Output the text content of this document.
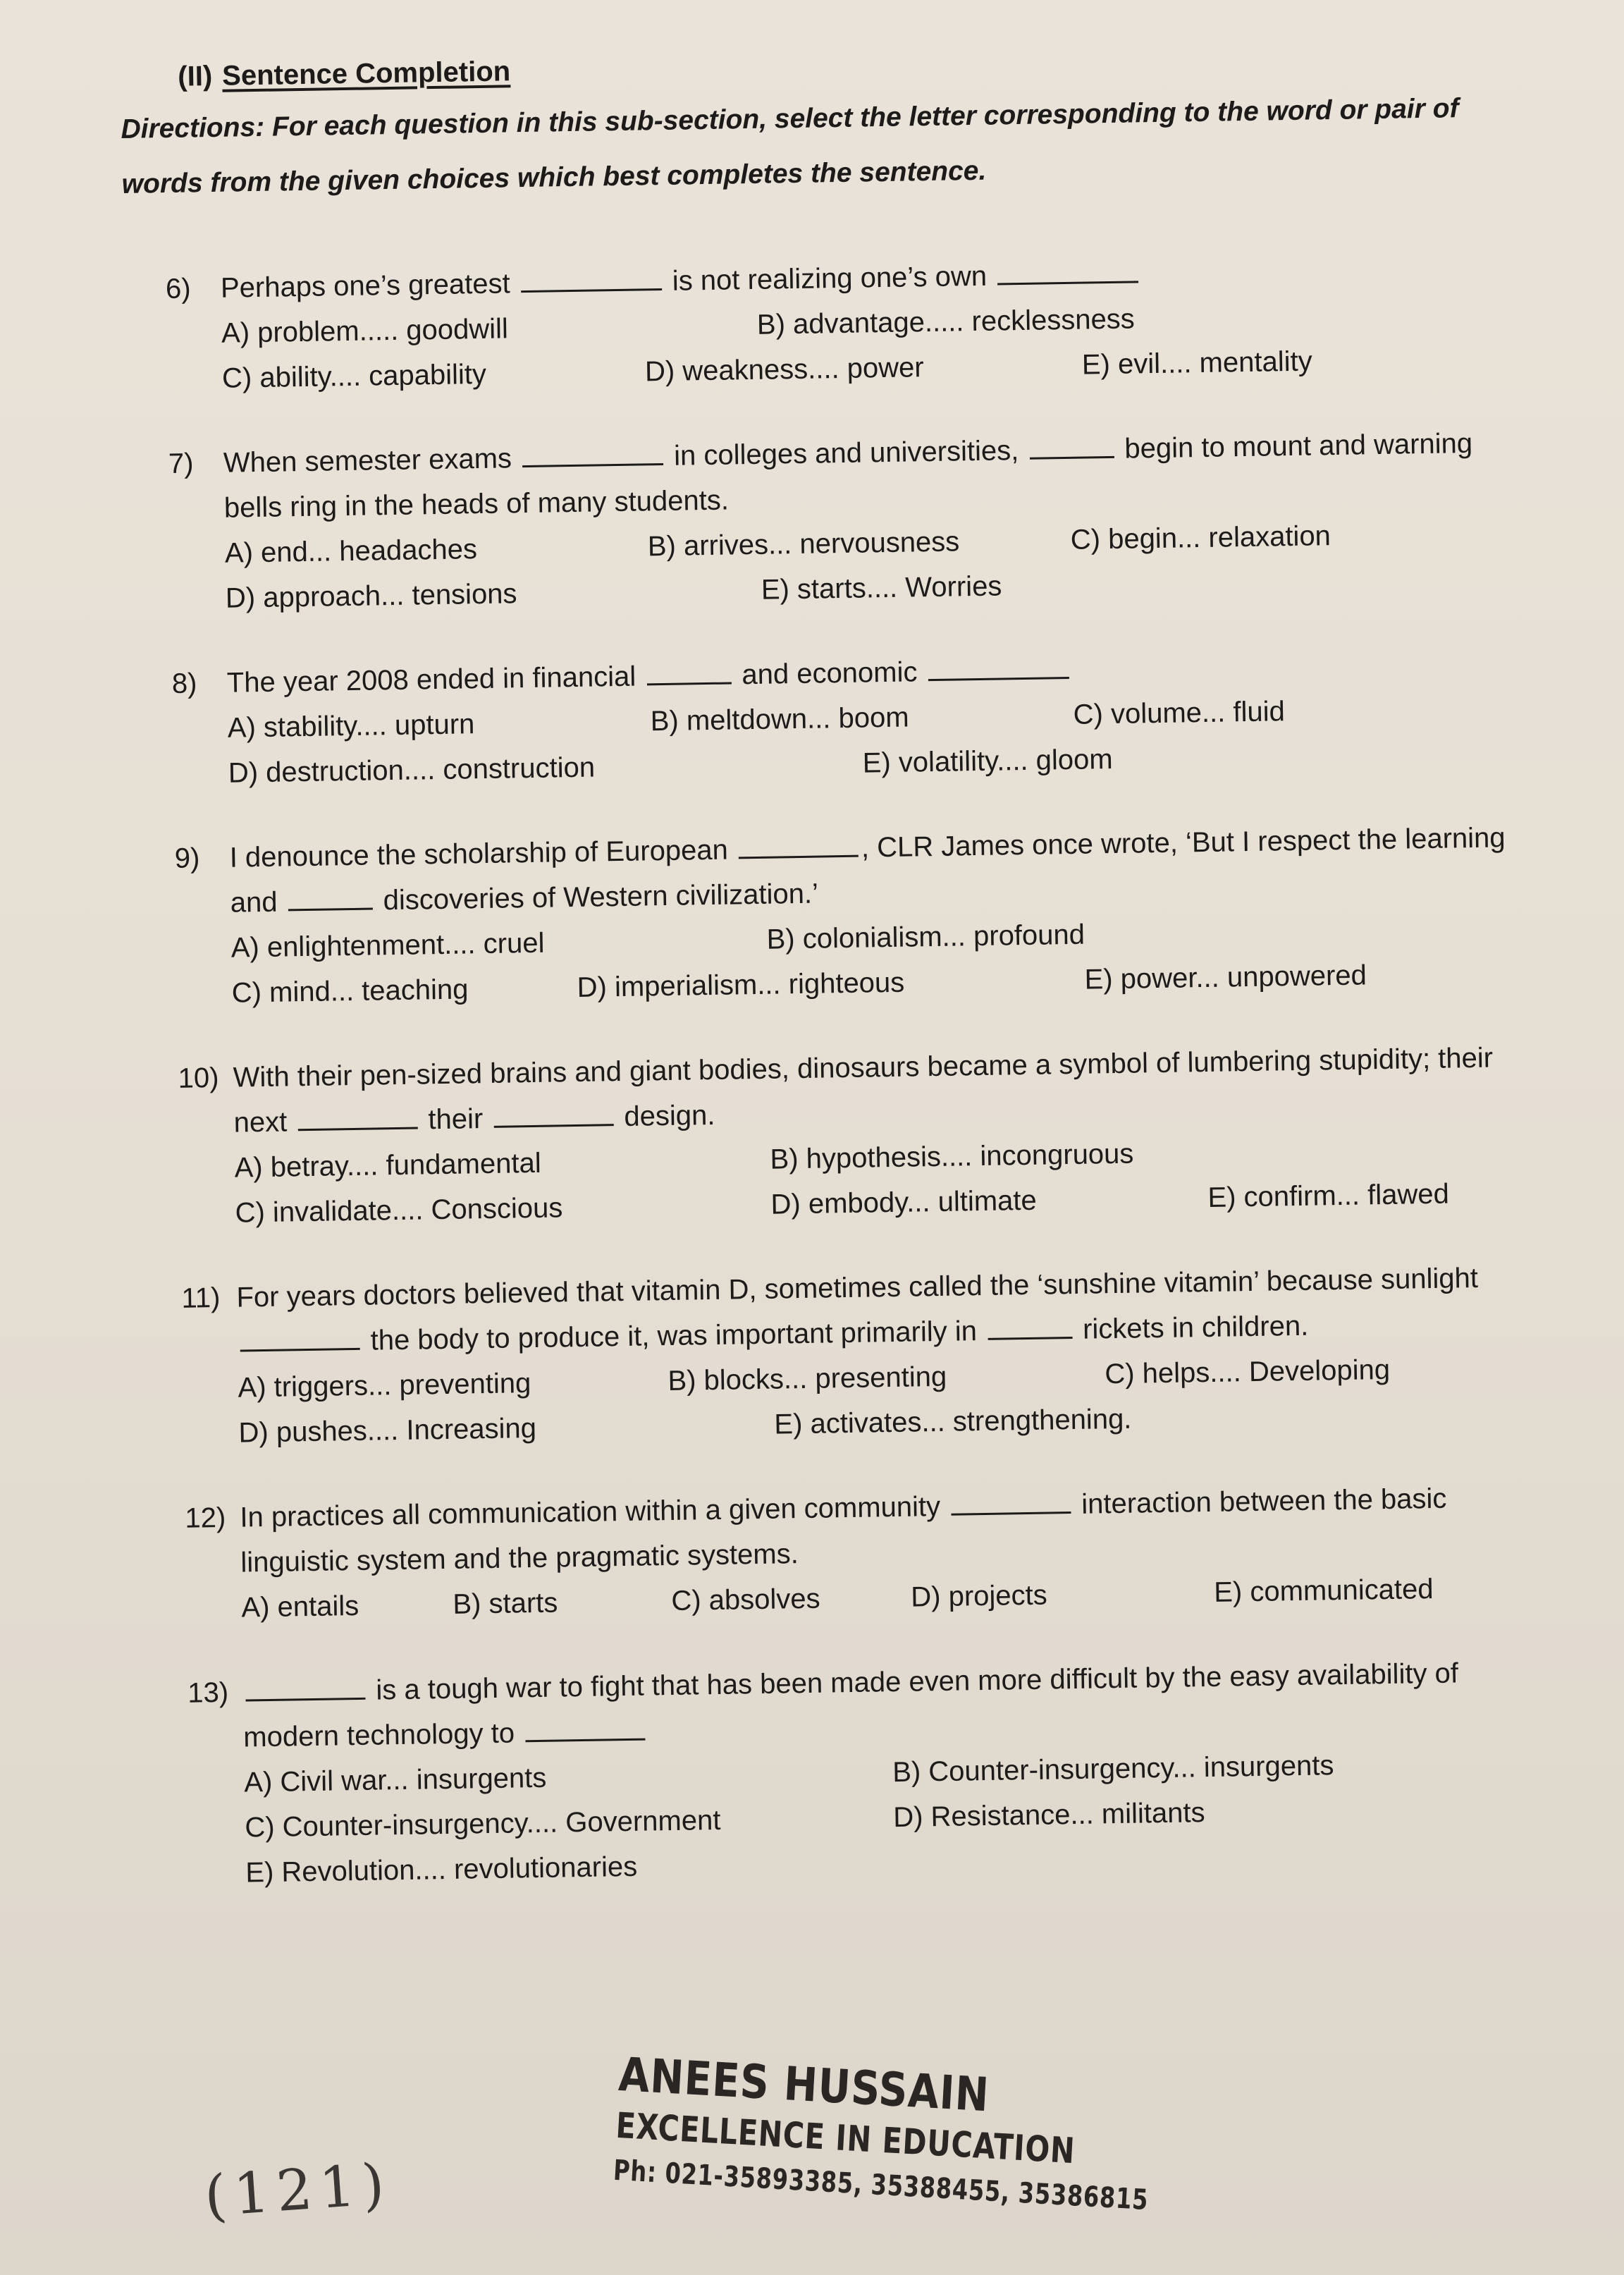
(II) Sentence Completion
Directions: For each question in this sub-section, select the letter corresponding to the word or pair of words from the given choices which best completes the sentence.
6)	Perhaps one’s greatest	is not realizing one’s own
A) problem..... goodwill	B) advantage..... recklessness
C) ability.... capability	D) weakness.... power	E) evil.... mentality
7)	When semester exams	in colleges and universities,	begin to mount and warning bells ring in the heads of many students.
A) end... headaches	B) arrives... nervousness	C) begin... relaxation
D) approach... tensions	E) starts.... Worries
8)	The year 2008 ended in financial	and economic
A) stability.... upturn	B) meltdown... boom	C) volume... fluid
D) destruction.... construction	E) volatility.... gloom
9)	I denounce the scholarship of European	, CLR James once wrote, ‘But I respect the learning and	discoveries of Western civilization.’
A) enlightenment.... cruel	B) colonialism... profound
C) mind... teaching	D) imperialism... righteous	E) power... unpowered
10) With their pen-sized brains and giant bodies, dinosaurs became a symbol of lumbering stupidity; their next	their	design.
A) betray.... fundamental	B) hypothesis.... incongruous
C) invalidate.... Conscious	D) embody... ultimate	E) confirm... flawed
11) For years doctors believed that vitamin D, sometimes called the ‘sunshine vitamin’ because sunlight  the body to produce it, was important primarily in	rickets in children.
A) triggers... preventing	B) blocks... presenting	C) helps.... Developing
D) pushes.... Increasing	E) activates... strengthening.
12) In practices all communication within a given community	interaction between the basic linguistic system and the pragmatic systems.
A) entails	B) starts	C) absolves	D) projects	E) communicated
13)	is a tough war to fight that has been made even more difficult by the easy availability of modern technology to
A) Civil war... insurgents	B) Counter-insurgency... insurgents
C) Counter-insurgency.... Government	D) Resistance... militants
E) Revolution.... revolutionaries
ANEES HUSSAIN
EXCELLENCE IN EDUCATION
Ph: 021-35893385, 35388455, 35386815
(121)
